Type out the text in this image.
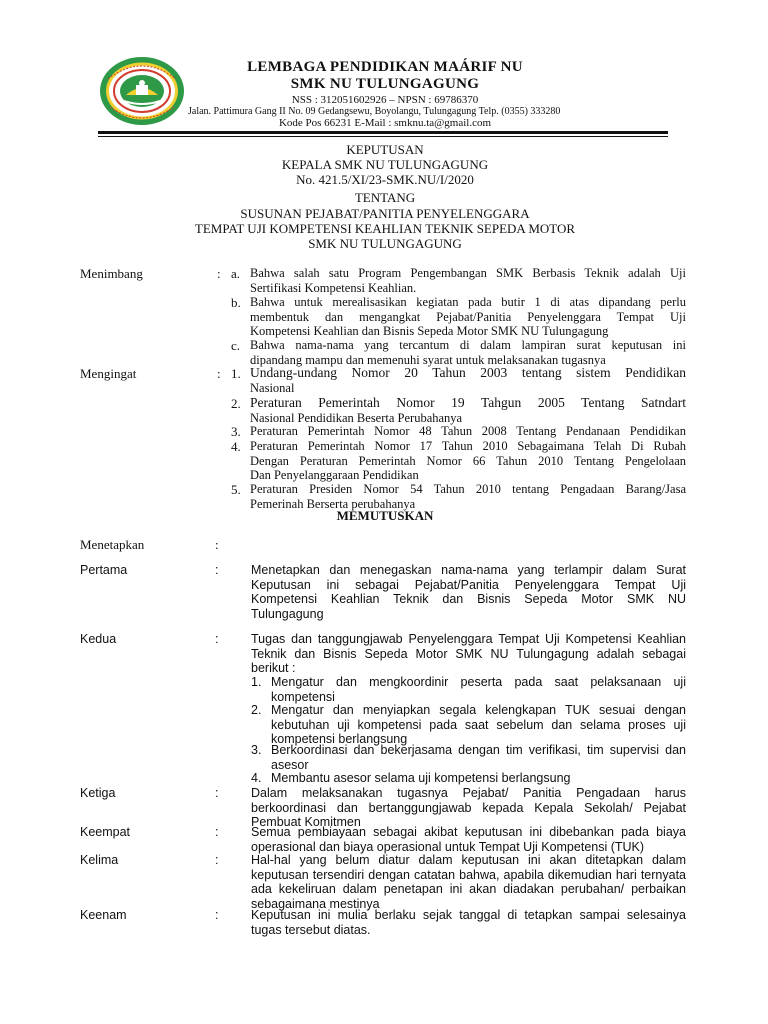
LEMBAGA PENDIDIKAN MAÁRIF NU
SMK NU TULUNGAGUNG
NSS : 312051602926 – NPSN : 69786370
Jalan. Pattimura Gang II No. 09 Gedangsewu, Boyolangu, Tulungagung Telp. (0355) 333280
Kode Pos 66231 E-Mail : smknu.ta@gmail.com
KEPUTUSAN
KEPALA SMK NU TULUNGAGUNG
No. 421.5/XI/23-SMK.NU/I/2020
TENTANG
SUSUNAN PEJABAT/PANITIA PENYELENGGARA
TEMPAT UJI KOMPETENSI KEAHLIAN TEKNIK SEPEDA MOTOR
SMK NU TULUNGAGUNG
Menimbang	: a. Bahwa salah satu Program Pengembangan SMK Berbasis Teknik adalah Uji
Sertifikasi Kompetensi Keahlian.
b. Bahwa untuk merealisasikan kegiatan pada butir 1 di atas dipandang perlu
membentuk dan mengangkat Pejabat/Panitia Penyelenggara Tempat Uji
Kompetensi Keahlian dan Bisnis Sepeda Motor SMK NU Tulungagung
c. Bahwa nama-nama yang tercantum di dalam lampiran surat keputusan ini
dipandang mampu dan memenuhi syarat untuk melaksanakan tugasnya
Mengingat	: 1. Undang-undang Nomor 20 Tahun 2003 tentang sistem Pendidikan
Nasional
2. Peraturan Pemerintah Nomor 19 Tahgun 2005 Tentang Satndart
Nasional Pendidikan Beserta Perubahanya
3. Peraturan Pemerintah Nomor 48 Tahun 2008 Tentang Pendanaan Pendidikan
4. Peraturan Pemerintah Nomor 17 Tahun 2010 Sebagaimana Telah Di Rubah
Dengan Peraturan Pemerintah Nomor 66 Tahun 2010 Tentang Pengelolaan
Dan Penyelanggaraan Pendidikan
5. Peraturan Presiden Nomor 54 Tahun 2010 tentang Pengadaan Barang/Jasa
Pemerinah Berserta perubahanya
MEMUTUSKAN
Menetapkan	:
Pertama	:	Menetapkan dan menegaskan nama-nama yang terlampir dalam Surat
Keputusan ini sebagai Pejabat/Panitia Penyelenggara Tempat Uji
Kompetensi Keahlian Teknik dan Bisnis Sepeda Motor SMK NU
Tulungagung
Kedua	:	Tugas dan tanggungjawab Penyelenggara Tempat Uji Kompetensi Keahlian
Teknik dan Bisnis Sepeda Motor SMK NU Tulungagung adalah sebagai
berikut :
1. Mengatur dan mengkoordinir peserta pada saat pelaksanaan uji
kompetensi
2. Mengatur dan menyiapkan segala kelengkapan TUK sesuai dengan
kebutuhan uji kompetensi pada saat sebelum dan selama proses uji
kompetensi berlangsung
3. Berkoordinasi dan bekerjasama dengan tim verifikasi, tim supervisi dan
asesor
4. Membantu asesor selama uji kompetensi berlangsung
Ketiga	:	Dalam melaksanakan tugasnya Pejabat/ Panitia Pengadaan harus
berkoordinasi dan bertanggungjawab kepada Kepala Sekolah/ Pejabat
Pembuat Komitmen
Keempat	:	Semua pembiayaan sebagai akibat keputusan ini dibebankan pada biaya
operasional dan biaya operasional untuk Tempat Uji Kompetensi (TUK)
Kelima	:	Hal-hal yang belum diatur dalam keputusan ini akan ditetapkan dalam
keputusan tersendiri dengan catatan bahwa, apabila dikemudian hari ternyata
ada kekeliruan dalam penetapan ini akan diadakan perubahan/ perbaikan
sebagaimana mestinya
Keenam	:	Keputusan ini mulia berlaku sejak tanggal di tetapkan sampai selesainya
tugas tersebut diatas.
